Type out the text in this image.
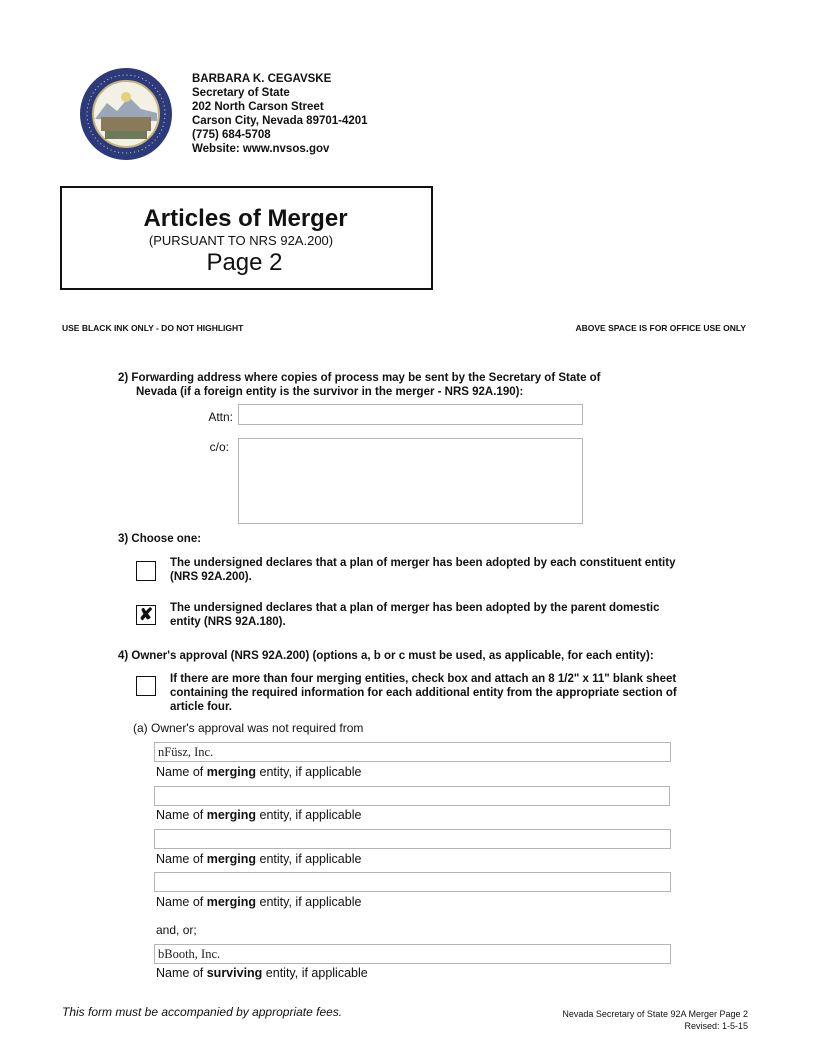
BARBARA K. CEGAVSKE
Secretary of State
202 North Carson Street
Carson City, Nevada 89701-4201
(775) 684-5708
Website: www.nvsos.gov
Articles of Merger
(PURSUANT TO NRS 92A.200)
Page 2
USE BLACK INK ONLY - DO NOT HIGHLIGHT	ABOVE SPACE IS FOR OFFICE USE ONLY
2) Forwarding address where copies of process may be sent by the Secretary of State of
Nevada (if a foreign entity is the survivor in the merger - NRS 92A.190):
Attn:
c/o:
3) Choose one:
The undersigned declares that a plan of merger has been adopted by each constituent entity
(NRS 92A.200).
✘ The undersigned declares that a plan of merger has been adopted by the parent domestic
entity (NRS 92A.180).
4) Owner's approval (NRS 92A.200) (options a, b or c must be used, as applicable, for each entity):
If there are more than four merging entities, check box and attach an 8 1/2" x 11" blank sheet
containing the required information for each additional entity from the appropriate section of
article four.
(a) Owner's approval was not required from
nFüsz, Inc.
Name of merging entity, if applicable
Name of merging entity, if applicable
Name of merging entity, if applicable
Name of merging entity, if applicable
and, or;
bBooth, Inc.
Name of surviving entity, if applicable
This form must be accompanied by appropriate fees.	Nevada Secretary of State 92A Merger Page 2
Revised: 1-5-15
